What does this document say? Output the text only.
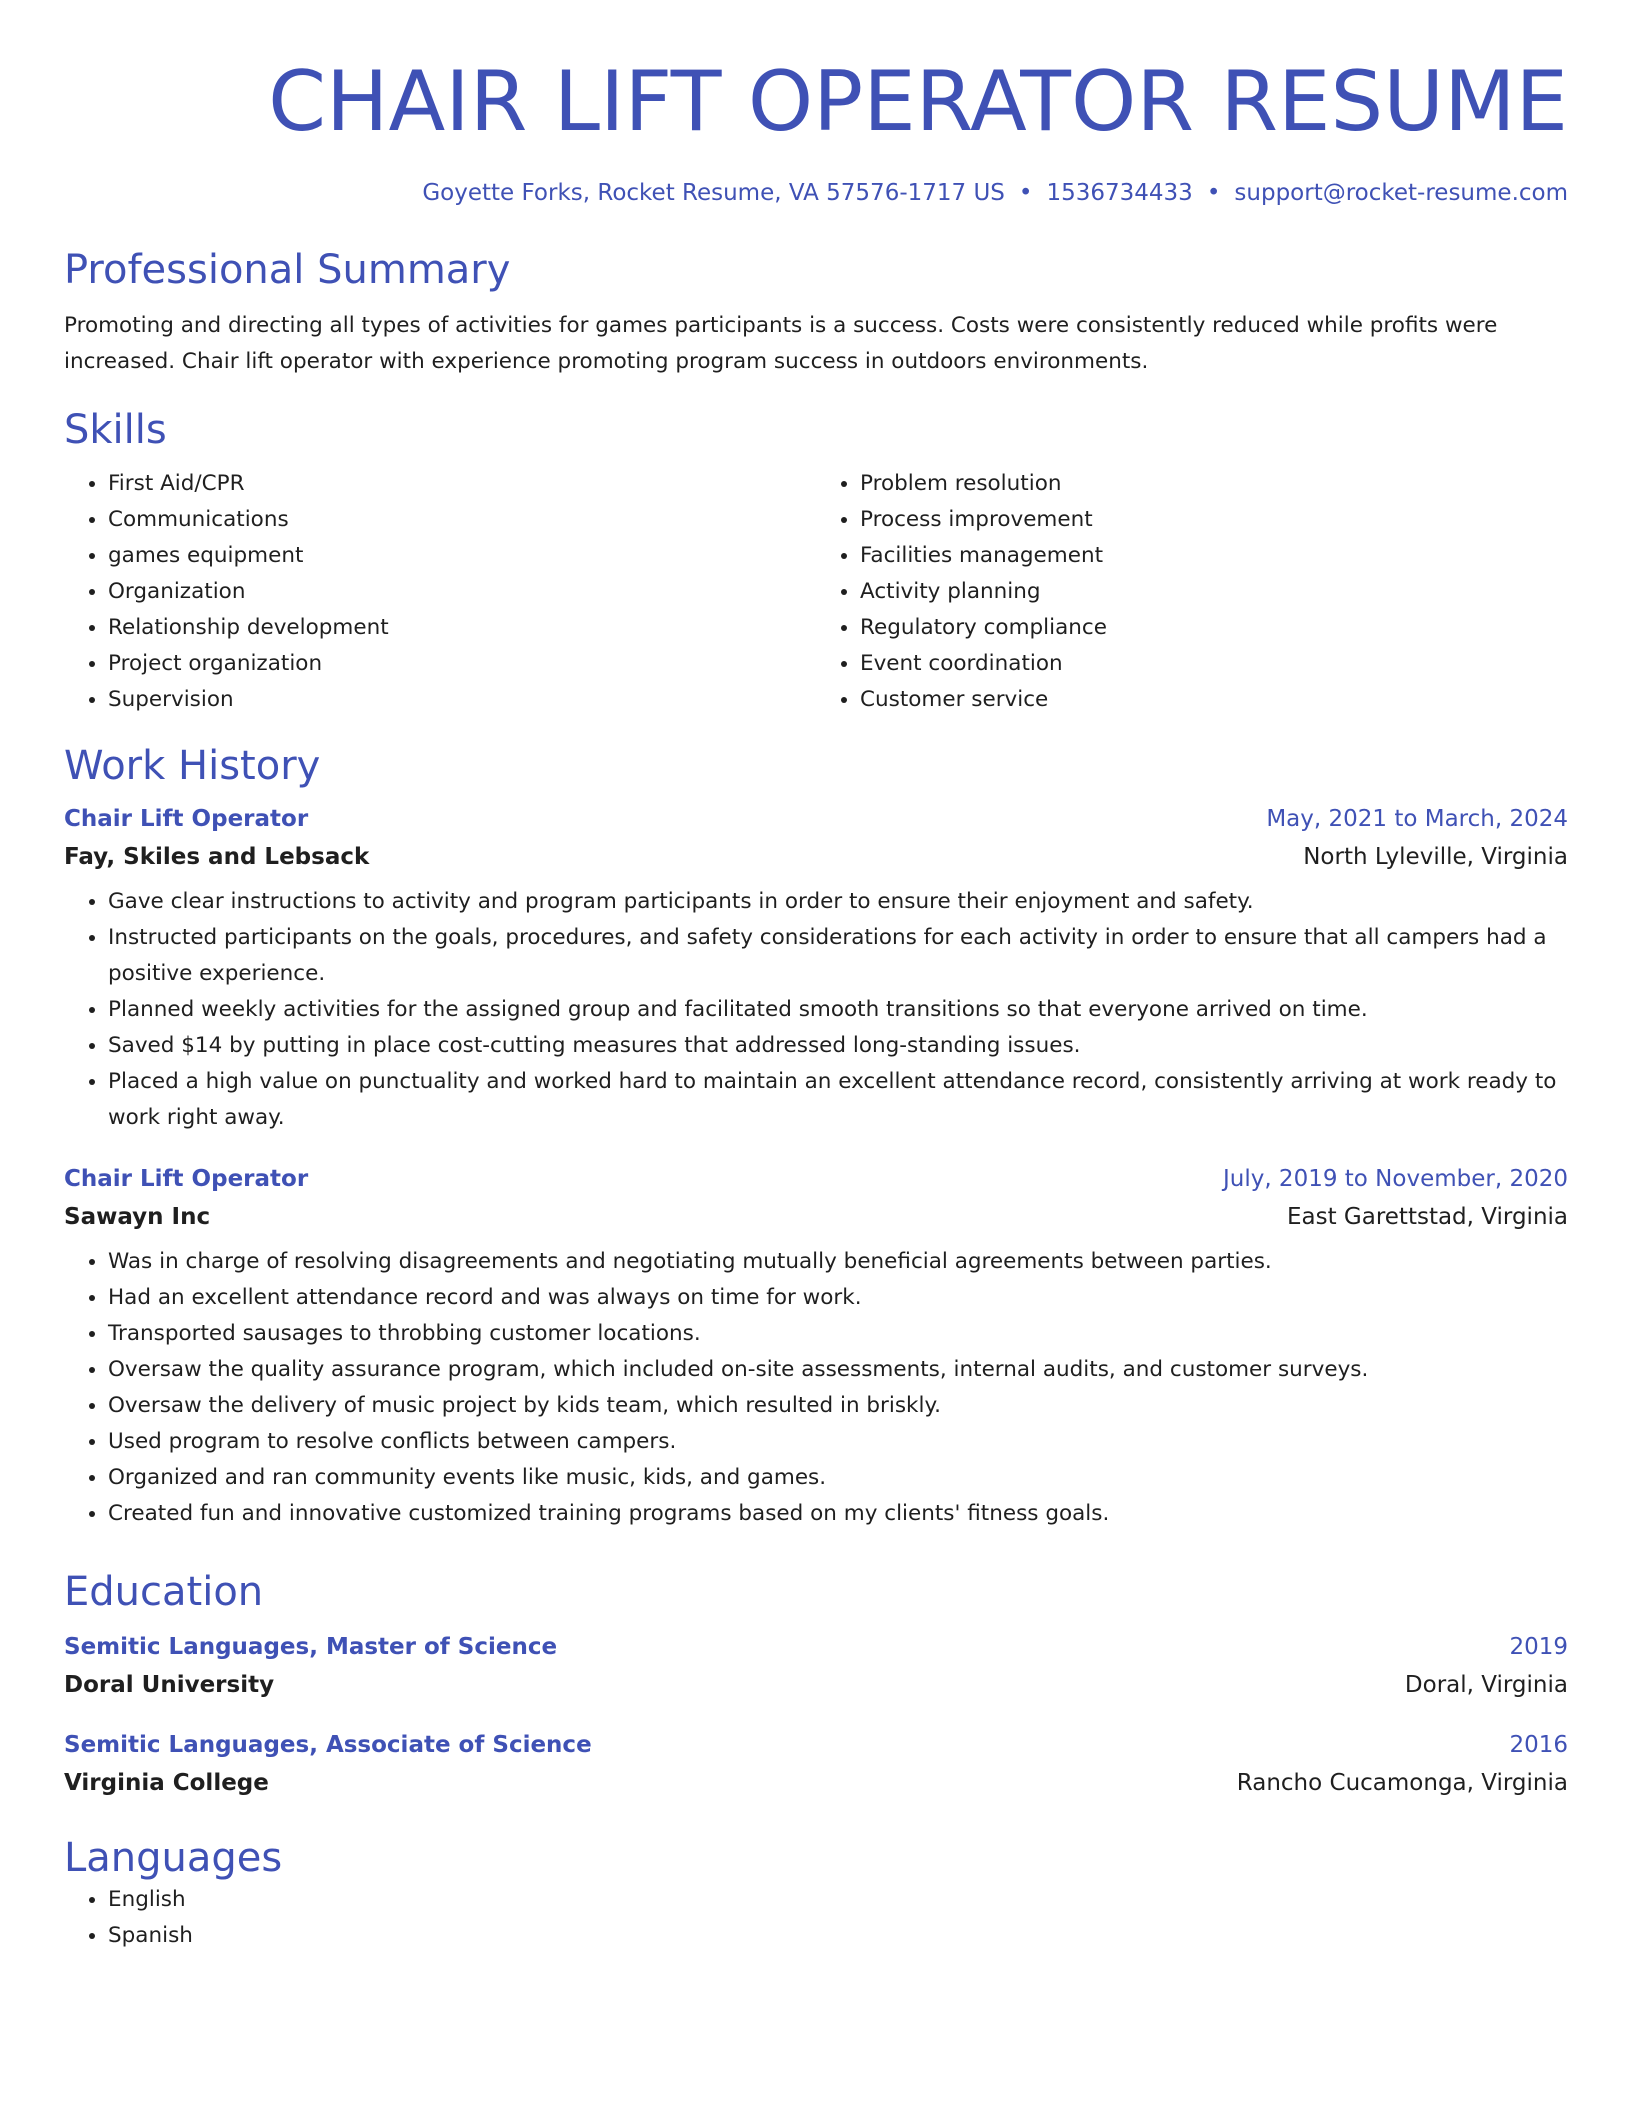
CHAIR LIFT OPERATOR RESUME
Goyette Forks, Rocket Resume, VA 57576-1717 US • 1536734433 • support@rocket-resume.com
Professional Summary
Promoting and directing all types of activities for games participants is a success. Costs were consistently reduced while profits were increased. Chair lift operator with experience promoting program success in outdoors environments.
Skills
• First Aid/CPR
• Communications
• games equipment
• Organization
• Relationship development
• Project organization
• Supervision
• Problem resolution
• Process improvement
• Facilities management
• Activity planning
• Regulatory compliance
• Event coordination
• Customer service
Work History
Chair Lift Operator	May, 2021 to March, 2024
Fay, Skiles and Lebsack	North Lyleville, Virginia
• Gave clear instructions to activity and program participants in order to ensure their enjoyment and safety.
• Instructed participants on the goals, procedures, and safety considerations for each activity in order to ensure that all campers had a positive experience.
• Planned weekly activities for the assigned group and facilitated smooth transitions so that everyone arrived on time.
• Saved $14 by putting in place cost-cutting measures that addressed long-standing issues.
• Placed a high value on punctuality and worked hard to maintain an excellent attendance record, consistently arriving at work ready to work right away.
Chair Lift Operator	July, 2019 to November, 2020
Sawayn Inc	East Garettstad, Virginia
• Was in charge of resolving disagreements and negotiating mutually beneficial agreements between parties.
• Had an excellent attendance record and was always on time for work.
• Transported sausages to throbbing customer locations.
• Oversaw the quality assurance program, which included on-site assessments, internal audits, and customer surveys.
• Oversaw the delivery of music project by kids team, which resulted in briskly.
• Used program to resolve conflicts between campers.
• Organized and ran community events like music, kids, and games.
• Created fun and innovative customized training programs based on my clients' fitness goals.
Education
Semitic Languages, Master of Science	2019
Doral University	Doral, Virginia
Semitic Languages, Associate of Science	2016
Virginia College	Rancho Cucamonga, Virginia
Languages
• English
• Spanish
